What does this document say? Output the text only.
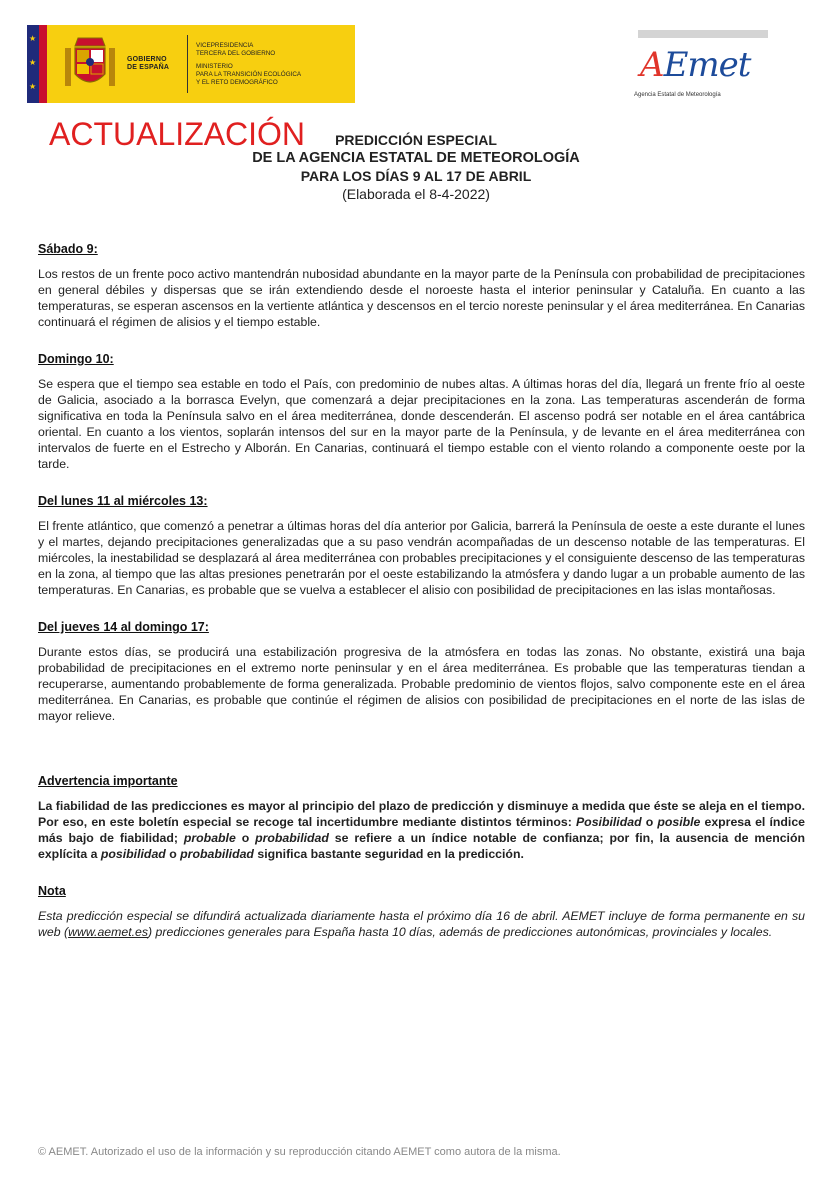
★
★
★
GOBIERNO
DE ESPAÑA
VICEPRESIDENCIA
TERCERA DEL GOBIERNO
MINISTERIO
PARA LA TRANSICIÓN ECOLÓGICA
Y EL RETO DEMOGRÁFICO	AEmet
Agencia Estatal de Meteorología
ACTUALIZACIÓN	PREDICCIÓN ESPECIAL
DE LA AGENCIA ESTATAL DE METEOROLOGÍA
PARA LOS DÍAS 9 AL 17 DE ABRIL
(Elaborada el 8-4-2022)
Sábado 9:

Los restos de un frente poco activo mantendrán nubosidad abundante en la mayor parte de la Península con probabilidad de precipitaciones en general débiles y dispersas que se irán extendiendo desde el noroeste hasta el interior peninsular y Cataluña. En cuanto a las temperaturas, se esperan ascensos en la vertiente atlántica y descensos en el tercio noreste peninsular y el área mediterránea. En Canarias continuará el régimen de alisios y el tiempo estable.

Domingo 10:

Se espera que el tiempo sea estable en todo el País, con predominio de nubes altas. A últimas horas del día, llegará un frente frío al oeste de Galicia, asociado a la borrasca Evelyn, que comenzará a dejar precipitaciones en la zona. Las temperaturas ascenderán de forma significativa en toda la Península salvo en el área mediterránea, donde descenderán. El ascenso podrá ser notable en el área cantábrica oriental. En cuanto a los vientos, soplarán intensos del sur en la mayor parte de la Península, y de levante en el área mediterránea con intervalos de fuerte en el Estrecho y Alborán. En Canarias, continuará el tiempo estable con el viento rolando a componente oeste por la tarde.

Del lunes 11 al miércoles 13:

El frente atlántico, que comenzó a penetrar a últimas horas del día anterior por Galicia, barrerá la Península de oeste a este durante el lunes y el martes, dejando precipitaciones generalizadas que a su paso vendrán acompañadas de un descenso notable de las temperaturas. El miércoles, la inestabilidad se desplazará al área mediterránea con probables precipitaciones y el consiguiente descenso de las temperaturas en la zona, al tiempo que las altas presiones penetrarán por el oeste estabilizando la atmósfera y dando lugar a un probable aumento de las temperaturas. En Canarias, es probable que se vuelva a establecer el alisio con posibilidad de precipitaciones en las islas montañosas.

Del jueves 14 al domingo 17:

Durante estos días, se producirá una estabilización progresiva de la atmósfera en todas las zonas. No obstante, existirá una baja probabilidad de precipitaciones en el extremo norte peninsular y en el área mediterránea. Es probable que las temperaturas tiendan a recuperarse, aumentando probablemente de forma generalizada. Probable predominio de vientos flojos, salvo componente este en el área mediterránea. En Canarias, es probable que continúe el régimen de alisios con posibilidad de precipitaciones en el norte de las islas de mayor relieve.

Advertencia importante

La fiabilidad de las predicciones es mayor al principio del plazo de predicción y disminuye a medida que éste se aleja en el tiempo. Por eso, en este boletín especial se recoge tal incertidumbre mediante distintos términos: Posibilidad o posible expresa el índice más bajo de fiabilidad; probable o probabilidad se refiere a un índice notable de confianza; por fin, la ausencia de mención explícita a posibilidad o probabilidad significa bastante seguridad en la predicción.

Nota

Esta predicción especial se difundirá actualizada diariamente hasta el próximo día 16 de abril. AEMET incluye de forma permanente en su web (www.aemet.es) predicciones generales para España hasta 10 días, además de predicciones autonómicas, provinciales y locales.

© AEMET. Autorizado el uso de la información y su reproducción citando AEMET como autora de la misma.
